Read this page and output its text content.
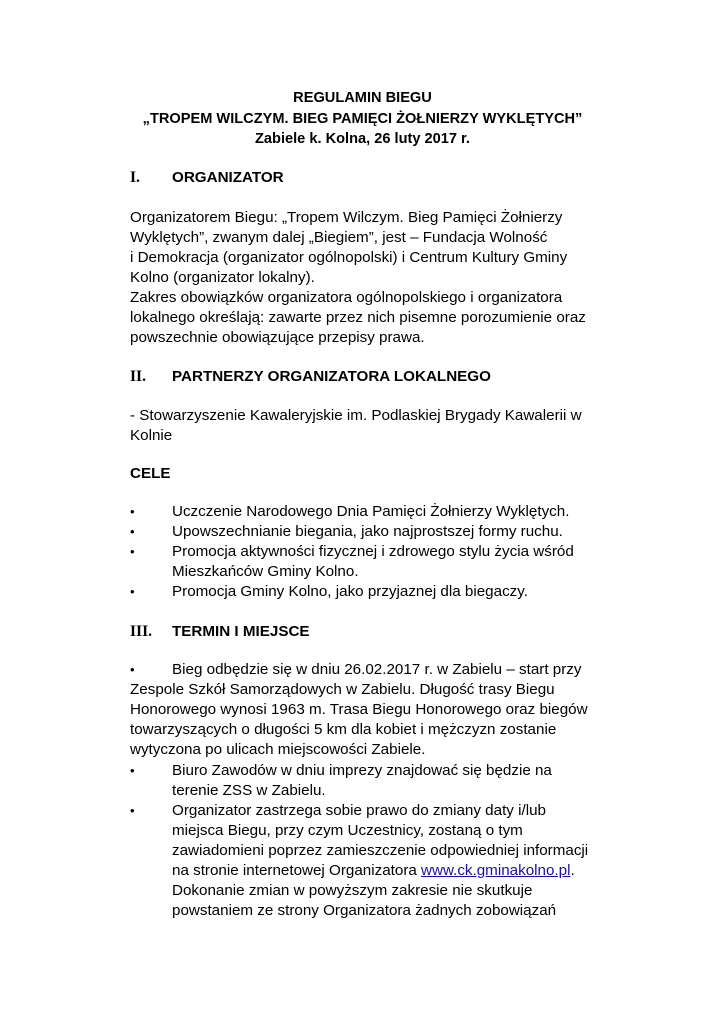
REGULAMIN BIEGU
„TROPEM WILCZYM. BIEG PAMIĘCI ŻOŁNIERZY WYKLĘTYCH”
Zabiele k. Kolna, 26 luty 2017 r.
I. ORGANIZATOR
Organizatorem Biegu: „Tropem Wilczym. Bieg Pamięci Żołnierzy
Wyklętych”, zwanym dalej „Biegiem”, jest – Fundacja Wolność
i Demokracja (organizator ogólnopolski) i Centrum Kultury Gminy
Kolno (organizator lokalny).
Zakres obowiązków organizatora ogólnopolskiego i organizatora
lokalnego określają: zawarte przez nich pisemne porozumienie oraz
powszechnie obowiązujące przepisy prawa.
II. PARTNERZY ORGANIZATORA LOKALNEGO
- Stowarzyszenie Kawaleryjskie im. Podlaskiej Brygady Kawalerii w
Kolnie
CELE
• Uczczenie Narodowego Dnia Pamięci Żołnierzy Wyklętych.
• Upowszechnianie biegania, jako najprostszej formy ruchu.
• Promocja aktywności fizycznej i zdrowego stylu życia wśród
Mieszkańców Gminy Kolno.
• Promocja Gminy Kolno, jako przyjaznej dla biegaczy.
III. TERMIN I MIEJSCE
• Bieg odbędzie się w dniu 26.02.2017 r. w Zabielu – start przy
Zespole Szkół Samorządowych w Zabielu. Długość trasy Biegu
Honorowego wynosi 1963 m. Trasa Biegu Honorowego oraz biegów
towarzyszących o długości 5 km dla kobiet i mężczyzn zostanie
wytyczona po ulicach miejscowości Zabiele.
• Biuro Zawodów w dniu imprezy znajdować się będzie na
terenie ZSS w Zabielu.
• Organizator zastrzega sobie prawo do zmiany daty i/lub
miejsca Biegu, przy czym Uczestnicy, zostaną o tym
zawiadomieni poprzez zamieszczenie odpowiedniej informacji
na stronie internetowej Organizatora www.ck.gminakolno.pl.
Dokonanie zmian w powyższym zakresie nie skutkuje
powstaniem ze strony Organizatora żadnych zobowiązań
